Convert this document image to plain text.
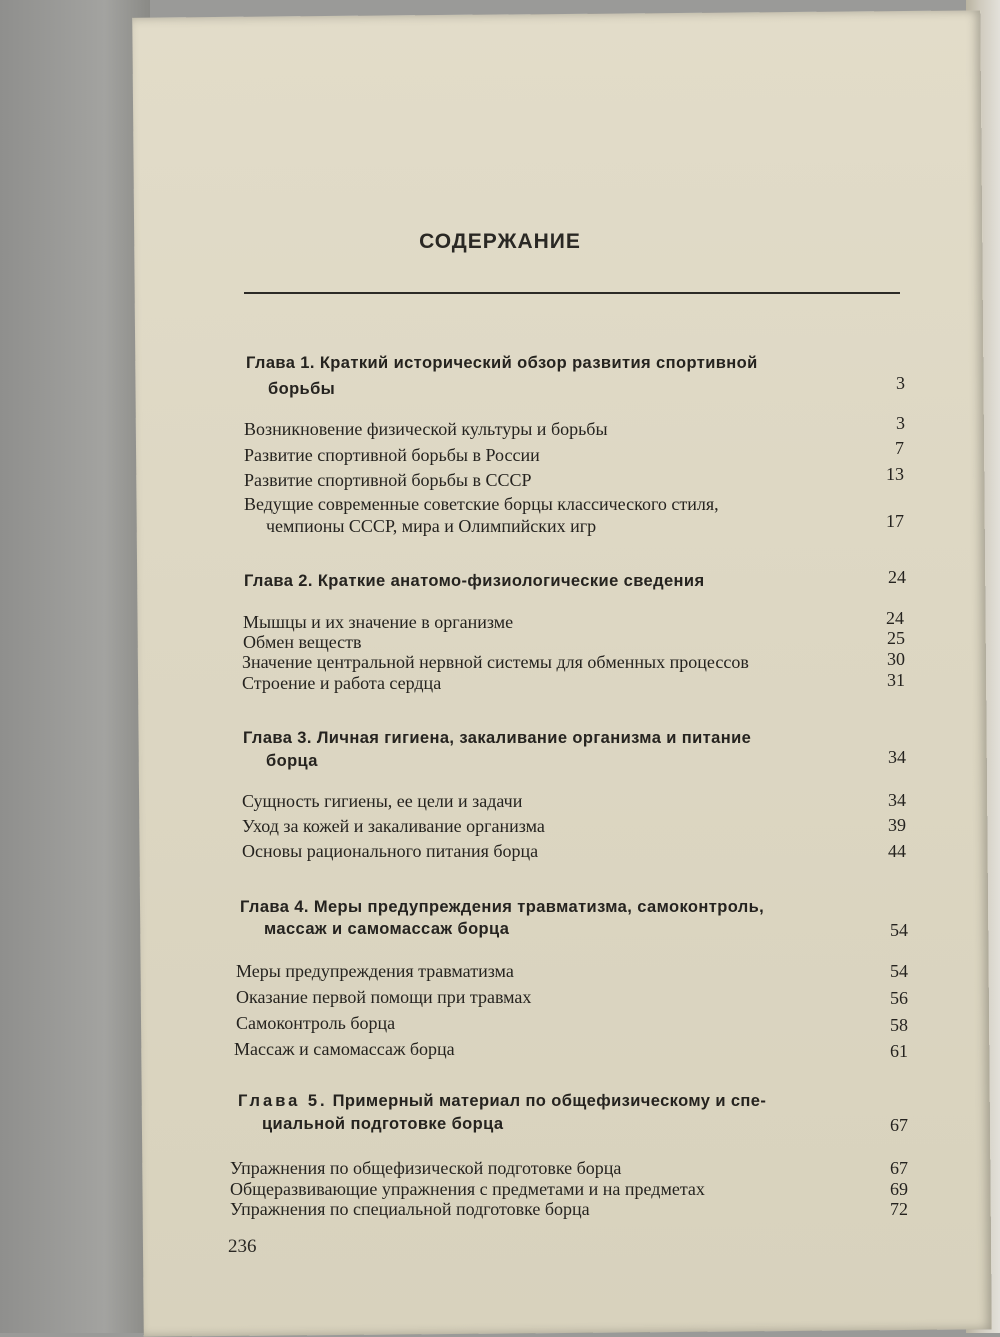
СОДЕРЖАНИЕ
Глава 1. Краткий исторический обзор развития спортивной
борьбы	3
Возникновение физической культуры и борьбы	3
Развитие спортивной борьбы в России	7
Развитие спортивной борьбы в СССР	13
Ведущие современные советские борцы классического стиля,
чемпионы СССР, мира и Олимпийских игр	17
Глава 2. Краткие анатомо-физиологические сведения	24
Мышцы и их значение в организме	24
Обмен веществ	25
Значение центральной нервной системы для обменных процессов	30
Строение и работа сердца	31
Глава 3. Личная гигиена, закаливание организма и питание
борца	34
Сущность гигиены, ее цели и задачи	34
Уход за кожей и закаливание организма	39
Основы рационального питания борца	44
Глава 4. Меры предупреждения травматизма, самоконтроль,
массаж и самомассаж борца	54
Меры предупреждения травматизма	54
Оказание первой помощи при травмах	56
Самоконтроль борца	58
Массаж и самомассаж борца	61
Глава 5. Примерный материал по общефизическому и спе-
циальной подготовке борца	67
Упражнения по общефизической подготовке борца	67
Общеразвивающие упражнения с предметами и на предметах	69
Упражнения по специальной подготовке борца	72
236
